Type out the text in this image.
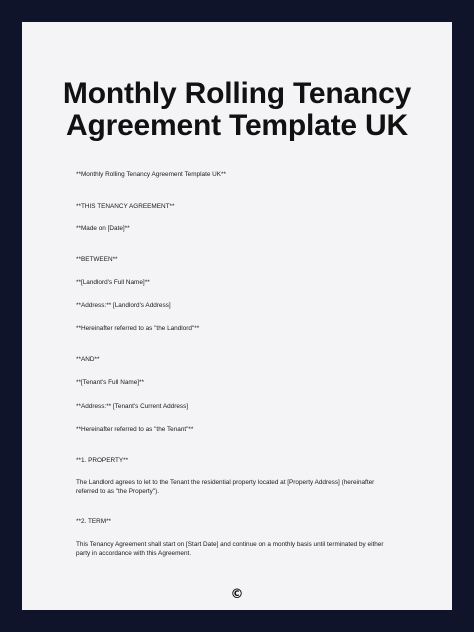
Monthly Rolling Tenancy
Agreement Template UK
**Monthly Rolling Tenancy Agreement Template UK**
**THIS TENANCY AGREEMENT**
**Made on [Date]**
**BETWEEN**
**[Landlord's Full Name]**
**Address:** [Landlord's Address]
**Hereinafter referred to as "the Landlord"**
**AND**
**[Tenant's Full Name]**
**Address:** [Tenant's Current Address]
**Hereinafter referred to as "the Tenant"**
**1. PROPERTY**
The Landlord agrees to let to the Tenant the residential property located at [Property Address] (hereinafter referred to as "the Property").
**2. TERM**
This Tenancy Agreement shall start on [Start Date] and continue on a monthly basis until terminated by either party in accordance with this Agreement.
©
